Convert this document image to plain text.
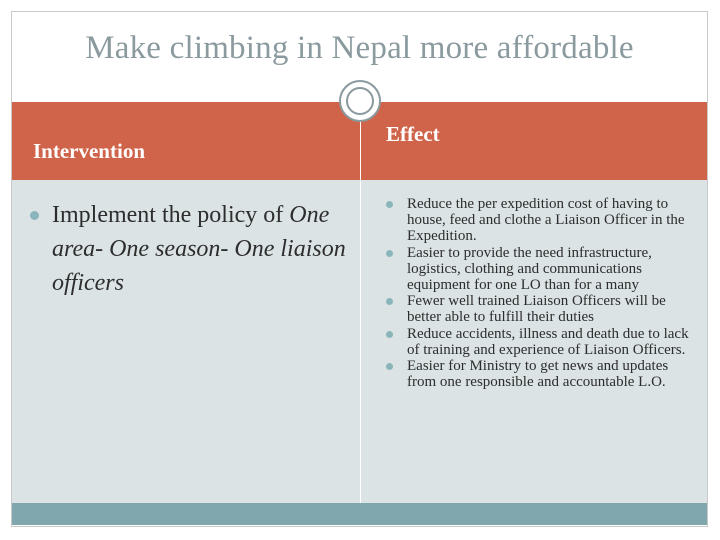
Make climbing in Nepal more affordable
Intervention
Effect
Implement the policy of One area- One season- One liaison officers
Reduce the per expedition cost of having to house, feed and clothe a Liaison Officer in the Expedition.
Easier to provide the need infrastructure, logistics, clothing and communications equipment for one LO than for a many
Fewer well trained Liaison Officers will be better able to fulfill their duties
Reduce accidents, illness and death due to lack of training and experience of Liaison Officers.
Easier for Ministry to get news and updates from one responsible and accountable L.O.
